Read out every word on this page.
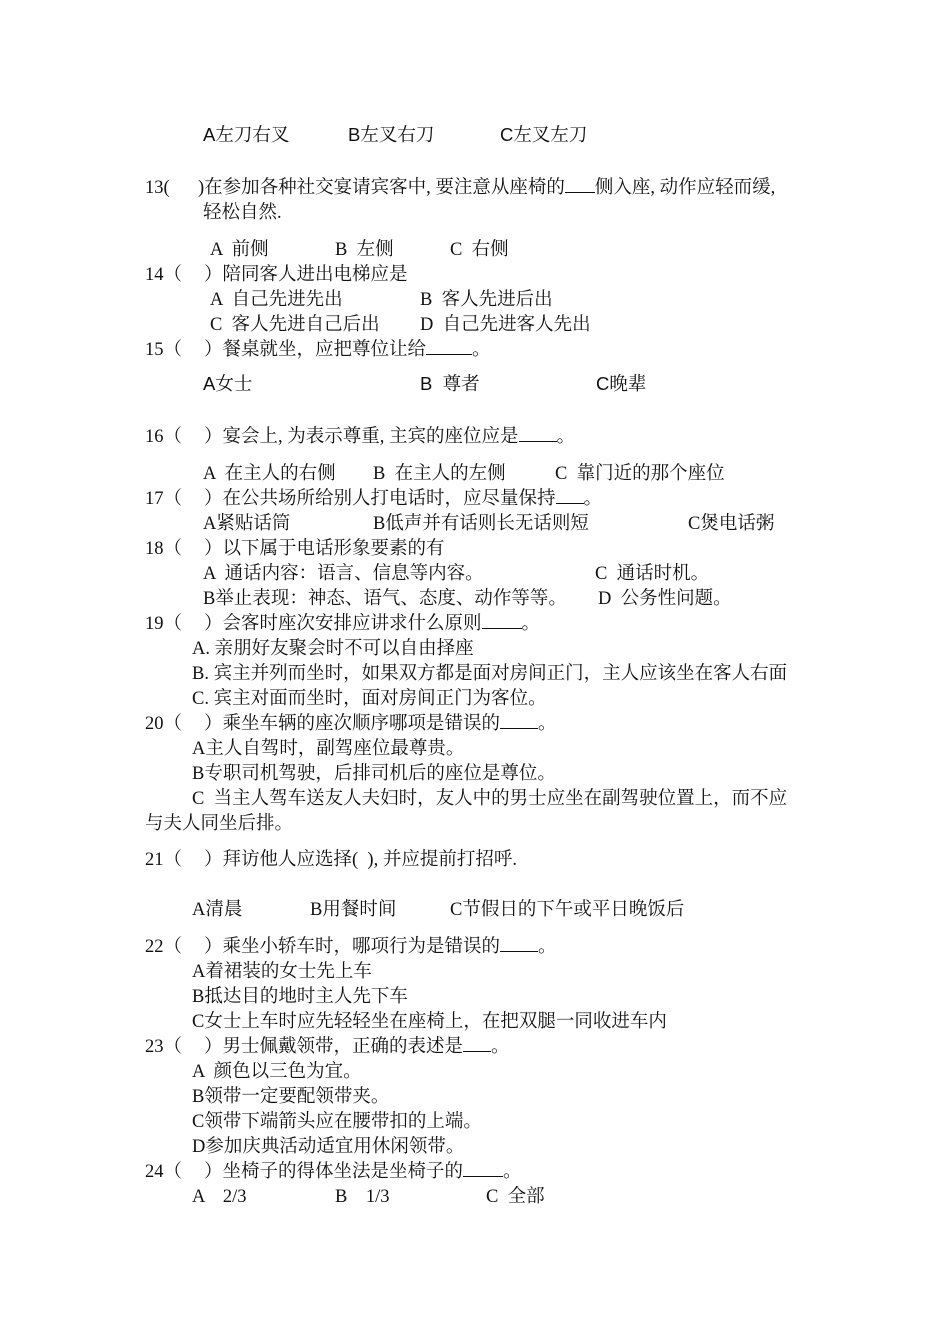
A左刀右叉	B左叉右刀	C左叉左刀
13( )在参加各种社交宴请宾客中, 要注意从座椅的 侧入座, 动作应轻而缓,
轻松自然.
A  前侧	B  左侧	C  右侧
14（ ）陪同客人进出电梯应是
A  自己先进先出	B  客人先进后出
C  客人先进自己后出 D  自己先进客人先出
15（ ）餐桌就坐，应把尊位让给 。
A女士	B  尊者	C晚辈
16（ ）宴会上, 为表示尊重, 主宾的座位应是 。
A  在主人的右侧 B  在主人的左侧	C  靠门近的那个座位
17（ ）在公共场所给别人打电话时，应尽量保持 。
A紧贴话筒	B低声并有话则长无话则短	C煲电话粥
18（ ）以下属于电话形象要素的有
A  通话内容：语言、信息等内容。	C  通话时机。
B举止表现：神态、语气、态度、动作等等。 D  公务性问题。
19（ ）会客时座次安排应讲求什么原则 。
A. 亲朋好友聚会时不可以自由择座
B. 宾主并列而坐时，如果双方都是面对房间正门，主人应该坐在客人右面
C. 宾主对面而坐时，面对房间正门为客位。
20（ ）乘坐车辆的座次顺序哪项是错误的 。
A主人自驾时，副驾座位最尊贵。
B专职司机驾驶，后排司机后的座位是尊位。
C  当主人驾车送友人夫妇时，友人中的男士应坐在副驾驶位置上，而不应
与夫人同坐后排。
21（ ）拜访他人应选择(  ), 并应提前打招呼.
A清晨	B用餐时间	C节假日的下午或平日晚饭后
22（ ）乘坐小轿车时，哪项行为是错误的 。
A着裙装的女士先上车
B抵达目的地时主人先下车
C女士上车时应先轻轻坐在座椅上，在把双腿一同收进车内
23（ ）男士佩戴领带，正确的表述是 。
A  颜色以三色为宜。
B领带一定要配领带夹。
C领带下端箭头应在腰带扣的上端。
D参加庆典活动适宜用休闲领带。
24（ ）坐椅子的得体坐法是坐椅子的 。
A    2/3	B    1/3	C  全部
